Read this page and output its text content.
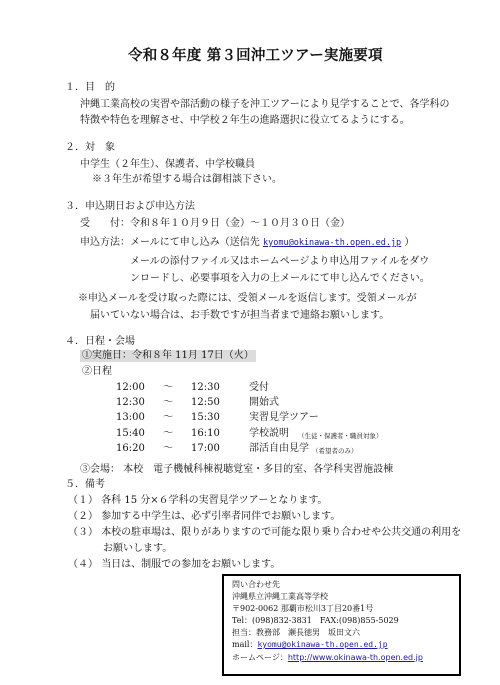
令和８年度 第３回沖工ツアー実施要項
１．目　的
沖縄工業高校の実習や部活動の様子を沖工ツアーにより見学することで、各学科の
特徴や特色を理解させ、中学校２年生の進路選択に役立てるようにする。
２．対　象
中学生（２年生）、保護者、中学校職員
※３年生が希望する場合は御相談下さい。
３．申込期日および申込方法
受　　付：令和８年１０月９日（金）～１０月３０日（金）
申込方法：メールにて申し込み（送信先 kyomu@okinawa-th.open.ed.jp ）
メールの添付ファイル又はホームページより申込用ファイルをダウ
ンロードし、必要事項を入力の上メールにて申し込んでください。
※申込メールを受け取った際には、受領メールを返信します。受領メールが
届いていない場合は、お手数ですが担当者まで連絡お願いします。
４．日程・会場
①実施日：令和８年 11月 17日（火）
②日程
12:00 ～ 12:30	受付
12:30 ～ 12:50	開始式
13:00 ～ 15:30	実習見学ツアー
15:40 ～ 16:10	学校説明 （生徒・保護者・職員対象）
16:20 ～ 17:00	部活自由見学 （希望者のみ）
③会場： 本校　電子機械科棟視聴覚室・多目的室、各学科実習施設棟
５．備考
（１） 各科 15 分×６学科の実習見学ツアーとなります。
（２） 参加する中学生は、必ず引率者同伴でお願いします。
（３） 本校の駐車場は、限りがありますので可能な限り乗り合わせや公共交通の利用を
お願いします。
（４） 当日は、制服での参加をお願いします。
問い合わせ先
沖縄県立沖縄工業高等学校
〒902-0062 那覇市松川3丁目20番1号
Tel：(098)832-3831　FAX:(098)855-5029
担当：教務部　瀬長徳男　坂田文六
mail：kyomu@okinawa-th.open.ed.jp
ホームページ：http://www.okinawa-th.open.ed.jp
